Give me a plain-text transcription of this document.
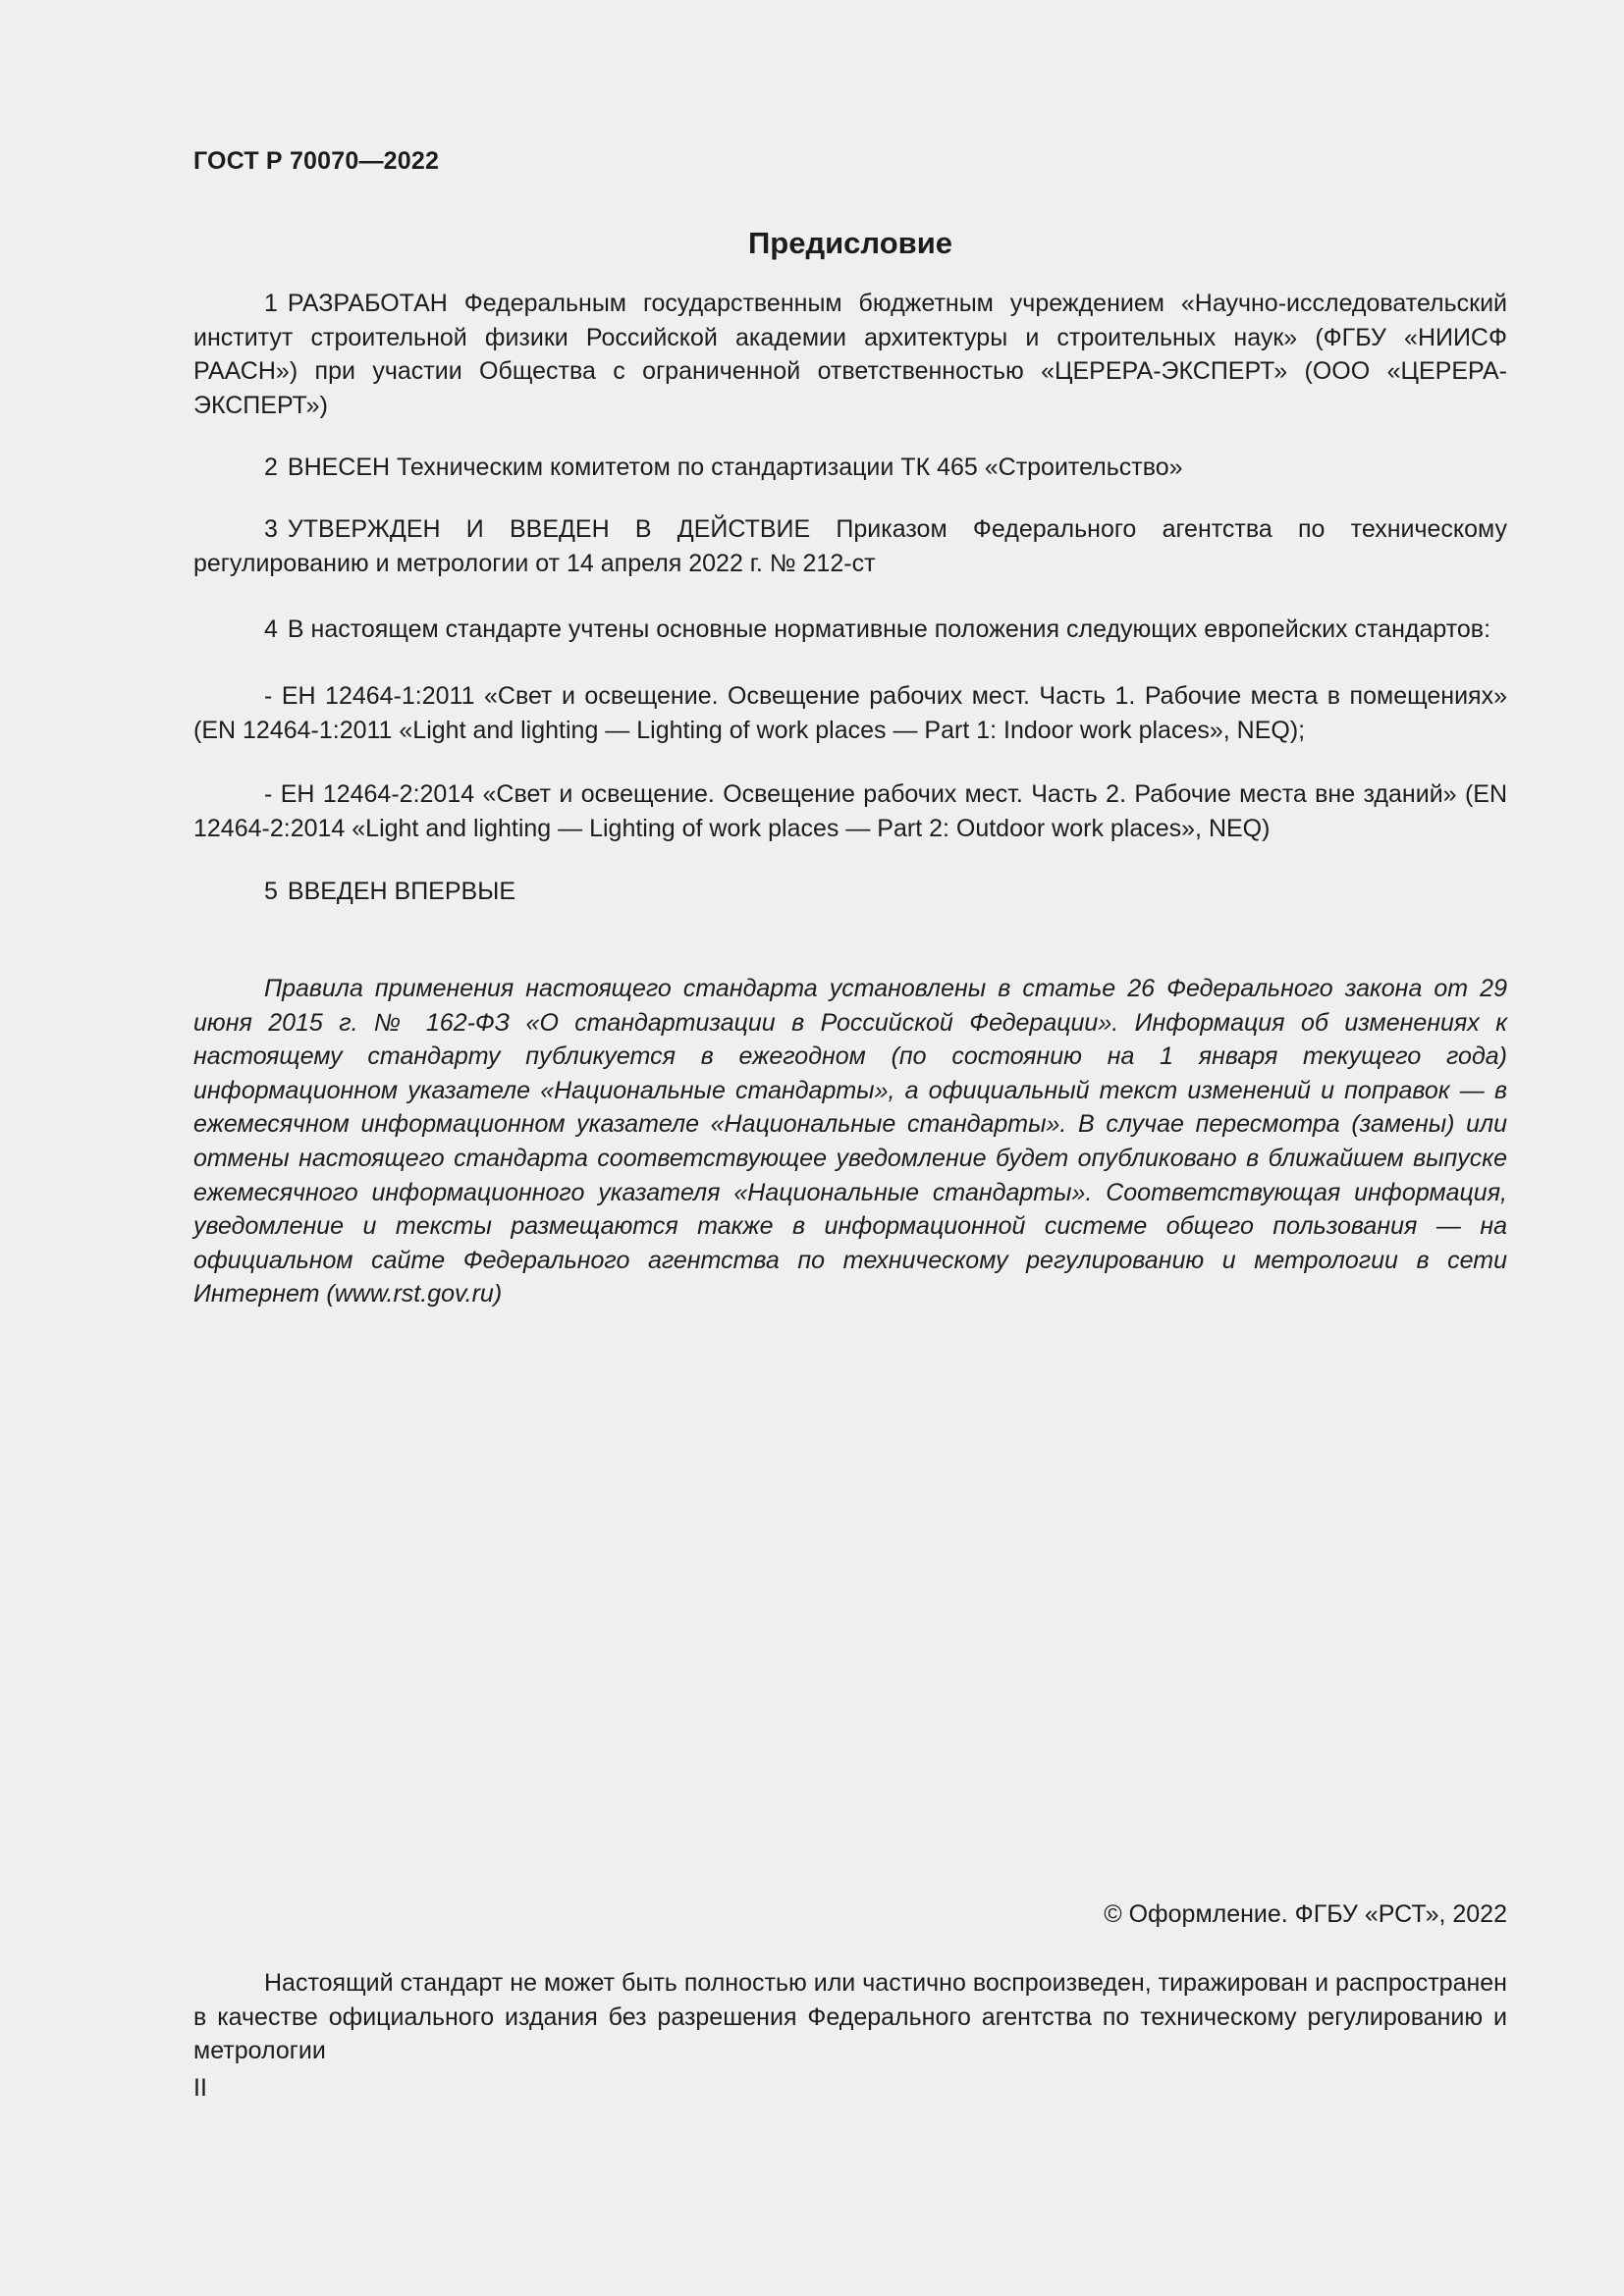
ГОСТ Р 70070—2022
Предисловие

1 РАЗРАБОТАН Федеральным государственным бюджетным учреждением «Научно-исследовательский институт строительной физики Российской академии архитектуры и строительных наук» (ФГБУ «НИИСФ РААСН») при участии Общества с ограниченной ответственностью «ЦЕРЕРА-ЭКСПЕРТ» (ООО «ЦЕРЕРА-ЭКСПЕРТ»)

2 ВНЕСЕН Техническим комитетом по стандартизации ТК 465 «Строительство»

3 УТВЕРЖДЕН И ВВЕДЕН В ДЕЙСТВИЕ Приказом Федерального агентства по техническому регулированию и метрологии от 14 апреля 2022 г. № 212-ст

4 В настоящем стандарте учтены основные нормативные положения следующих европейских стандартов:

- ЕН 12464-1:2011 «Свет и освещение. Освещение рабочих мест. Часть 1. Рабочие места в помещениях» (EN 12464-1:2011 «Light and lighting — Lighting of work places — Part 1: Indoor work places», NEQ);

- ЕН 12464-2:2014 «Свет и освещение. Освещение рабочих мест. Часть 2. Рабочие места вне зданий» (EN 12464-2:2014 «Light and lighting — Lighting of work places — Part 2: Outdoor work places», NEQ)

5 ВВЕДЕН ВПЕРВЫЕ

Правила применения настоящего стандарта установлены в статье 26 Федерального закона от 29 июня 2015 г. № 162-ФЗ «О стандартизации в Российской Федерации». Информация об изменениях к настоящему стандарту публикуется в ежегодном (по состоянию на 1 января текущего года) информационном указателе «Национальные стандарты», а официальный текст изменений и поправок — в ежемесячном информационном указателе «Национальные стандарты». В случае пересмотра (замены) или отмены настоящего стандарта соответствующее уведомление будет опубликовано в ближайшем выпуске ежемесячного информационного указателя «Национальные стандарты». Соответствующая информация, уведомление и тексты размещаются также в информационной системе общего пользования — на официальном сайте Федерального агентства по техническому регулированию и метрологии в сети Интернет (www.rst.gov.ru)

© Оформление. ФГБУ «РСТ», 2022

Настоящий стандарт не может быть полностью или частично воспроизведен, тиражирован и распространен в качестве официального издания без разрешения Федерального агентства по техническому регулированию и метрологии

II
